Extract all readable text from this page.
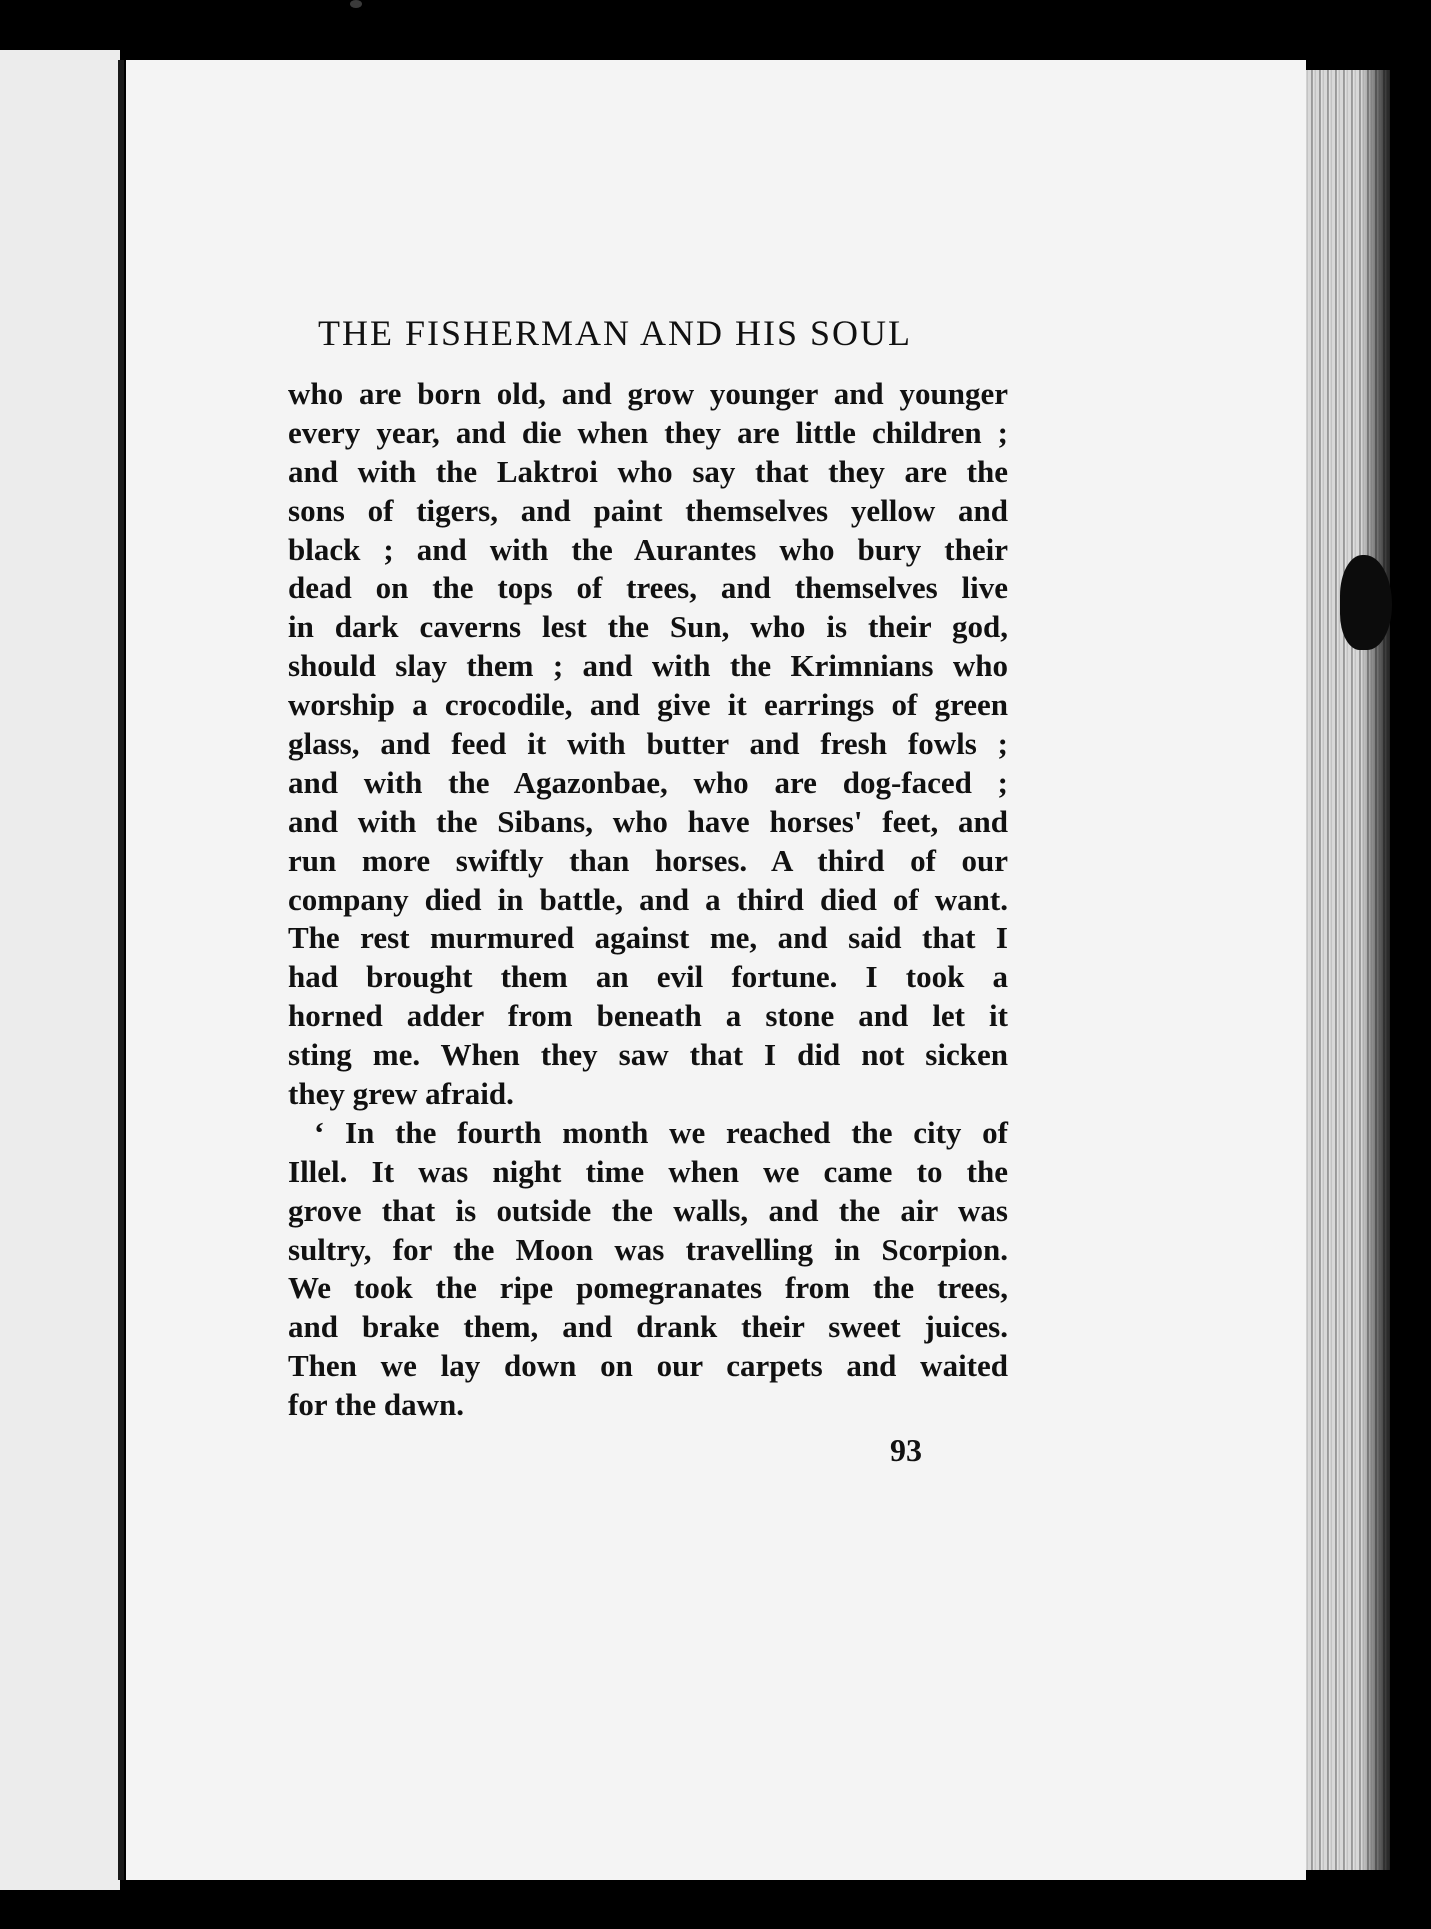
THE FISHERMAN AND HIS SOUL
who are born old, and grow younger and younger
every year, and die when they are little children ;
and with the Laktroi who say that they are the
sons of tigers, and paint themselves yellow and
black ; and with the Aurantes who bury their
dead on the tops of trees, and themselves live
in dark caverns lest the Sun, who is their god,
should slay them ; and with the Krimnians who
worship a crocodile, and give it earrings of green
glass, and feed it with butter and fresh fowls ;
and with the Agazonbae, who are dog-faced ;
and with the Sibans, who have horses' feet, and
run more swiftly than horses. A third of our
company died in battle, and a third died of want.
The rest murmured against me, and said that I
had brought them an evil fortune. I took a
horned adder from beneath a stone and let it
sting me. When they saw that I did not sicken
they grew afraid.
‘ In the fourth month we reached the city of
Illel. It was night time when we came to the
grove that is outside the walls, and the air was
sultry, for the Moon was travelling in Scorpion.
We took the ripe pomegranates from the trees,
and brake them, and drank their sweet juices.
Then we lay down on our carpets and waited
for the dawn.
93
